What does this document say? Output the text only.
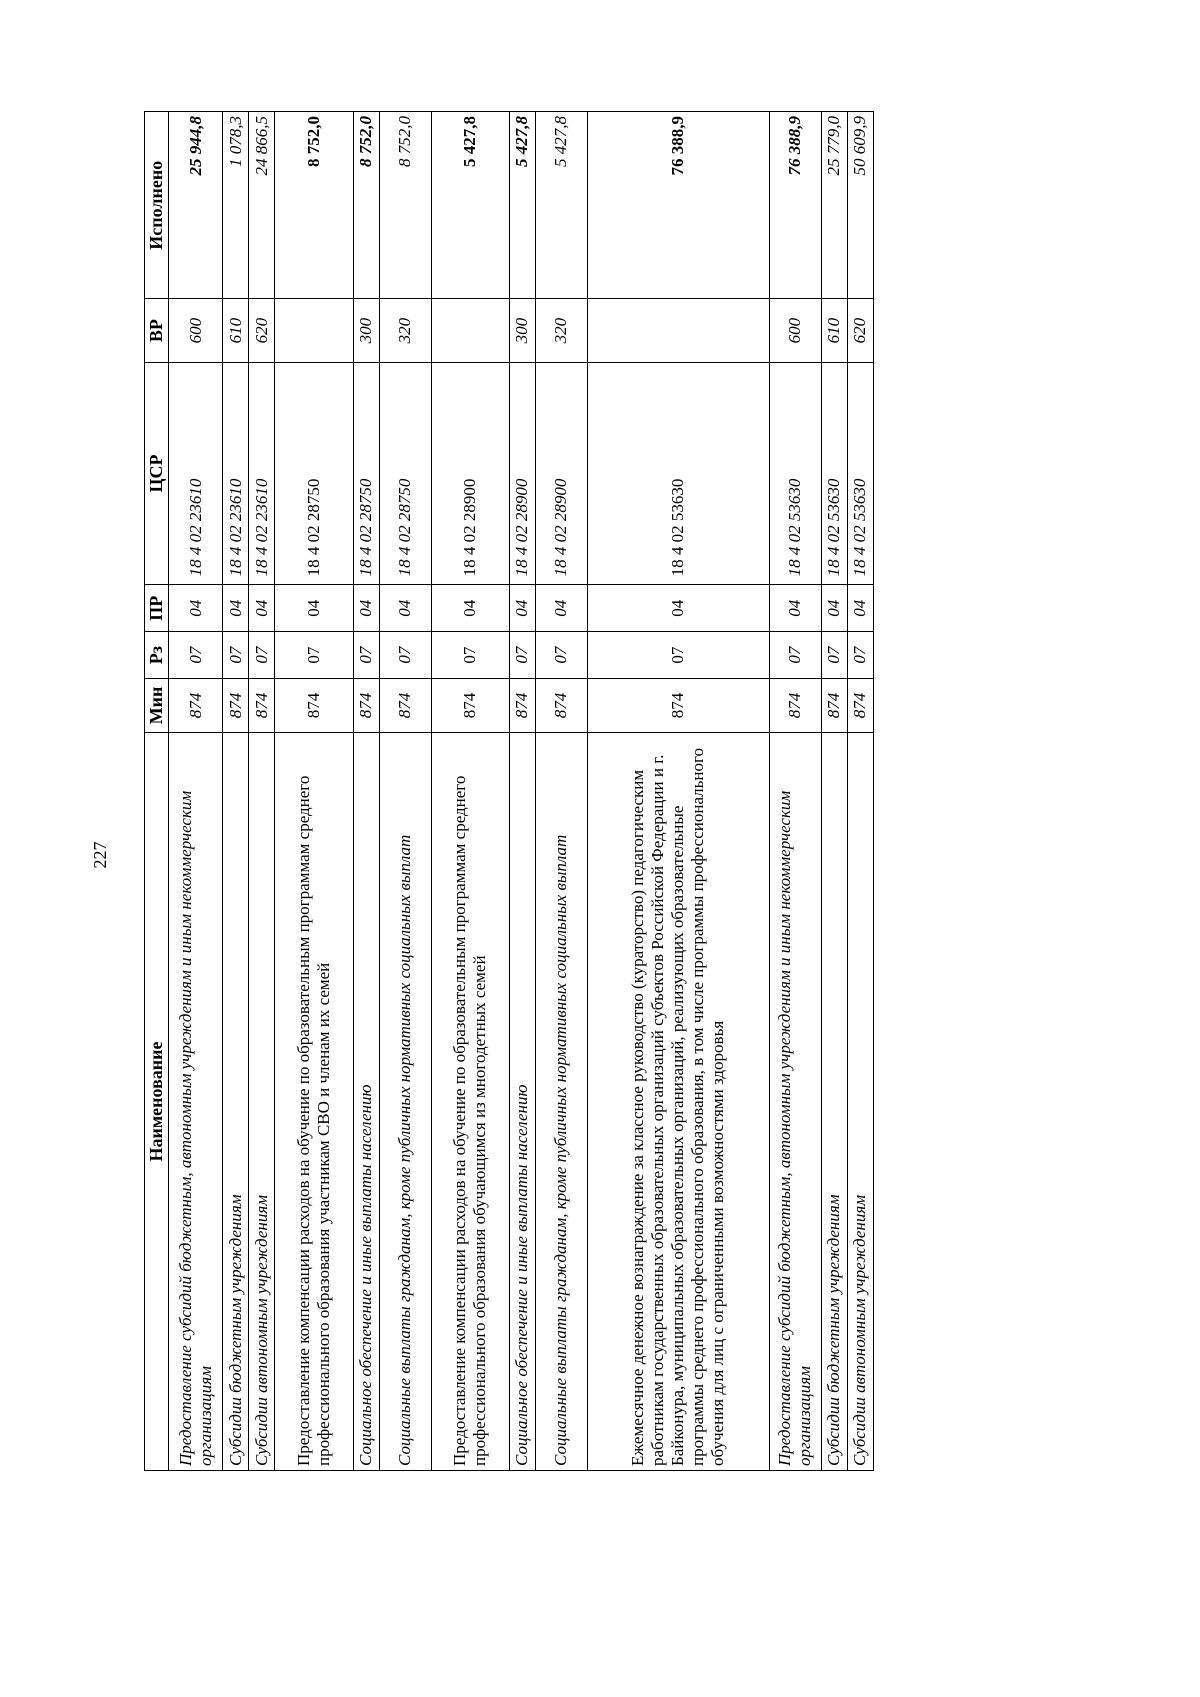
227
Наименование	Мин	Рз	ПР	ЦСР	ВР	Исполнено
Предоставление субсидий бюджетным, автономным учреждениям и иным некоммерческим организациям	874	07	04	18 4 02 23610	600	25 944,8
Субсидии бюджетным учреждениям	874	07	04	18 4 02 23610	610	1 078,3
Субсидии автономным учреждениям	874	07	04	18 4 02 23610	620	24 866,5
Предоставление компенсации расходов на обучение по образовательным программам среднего профессионального образования участникам СВО и членам их семей	874	07	04	18 4 02 28750		8 752,0
Социальное обеспечение и иные выплаты населению	874	07	04	18 4 02 28750	300	8 752,0
Социальные выплаты гражданам, кроме публичных нормативных социальных выплат	874	07	04	18 4 02 28750	320	8 752,0
Предоставление компенсации расходов на обучение по образовательным программам среднего профессионального образования обучающимся из многодетных семей	874	07	04	18 4 02 28900		5 427,8
Социальное обеспечение и иные выплаты населению	874	07	04	18 4 02 28900	300	5 427,8
Социальные выплаты гражданам, кроме публичных нормативных социальных выплат	874	07	04	18 4 02 28900	320	5 427,8
Ежемесячное денежное вознаграждение за классное руководство (кураторство) педагогическим работникам государственных образовательных организаций субъектов Российской Федерации и г. Байконура, муниципальных образовательных организаций, реализующих образовательные программы среднего профессионального образования, в том числе программы профессионального обучения для лиц с ограниченными возможностями здоровья	874	07	04	18 4 02 53630		76 388,9
Предоставление субсидий бюджетным, автономным учреждениям и иным некоммерческим организациям	874	07	04	18 4 02 53630	600	76 388,9
Субсидии бюджетным учреждениям	874	07	04	18 4 02 53630	610	25 779,0
Субсидии автономным учреждениям	874	07	04	18 4 02 53630	620	50 609,9
